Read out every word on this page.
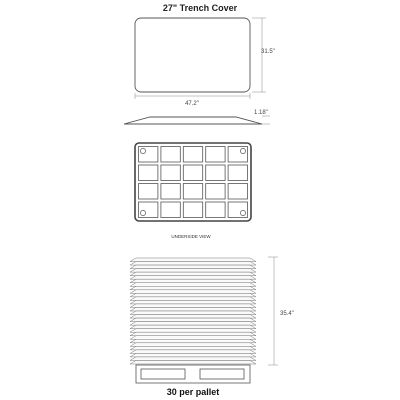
27" Trench Cover
31.5"
47.2"
1.18"
UNDERSIDE VIEW
35.4"
30 per pallet
